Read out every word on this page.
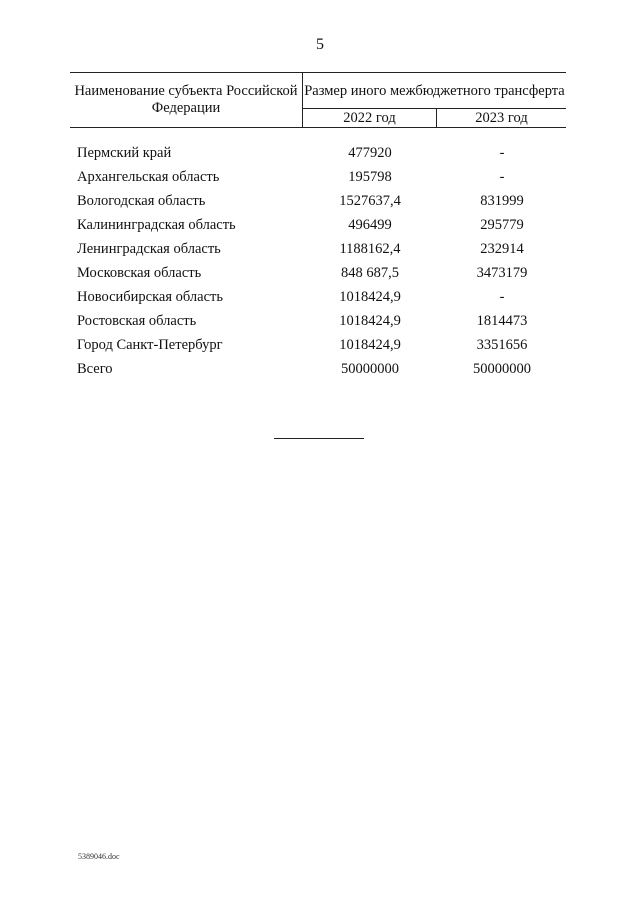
5
Наименование субъекта Российской Федерации
Размер иного межбюджетного трансферта
2022 год	2023 год
Пермский край	477920	-
Архангельская область	195798	-
Вологодская область	1527637,4	831999
Калининградская область	496499	295779
Ленинградская область	1188162,4	232914
Московская область	848 687,5	3473179
Новосибирская область	1018424,9	-
Ростовская область	1018424,9	1814473
Город Санкт-Петербург	1018424,9	3351656
Всего	50000000	50000000
5389046.doc
